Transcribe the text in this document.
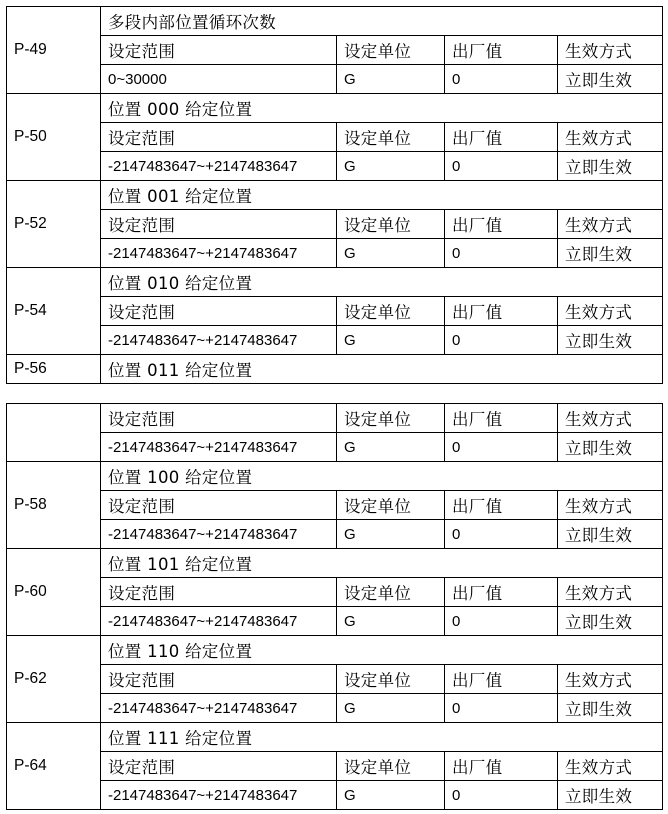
P-49	多段内部位置循环次数			
	设定范围	设定单位	出厂值	生效方式
	0~30000	G	0	立即生效
P-50	位置 000 给定位置			
	设定范围	设定单位	出厂值	生效方式
	-2147483647~+2147483647	G	0	立即生效
P-52	位置 001 给定位置			
	设定范围	设定单位	出厂值	生效方式
	-2147483647~+2147483647	G	0	立即生效
P-54	位置 010 给定位置			
	设定范围	设定单位	出厂值	生效方式
	-2147483647~+2147483647	G	0	立即生效
P-56	位置 011 给定位置			
	设定范围	设定单位	出厂值	生效方式
	-2147483647~+2147483647	G	0	立即生效
P-58	位置 100 给定位置			
	设定范围	设定单位	出厂值	生效方式
	-2147483647~+2147483647	G	0	立即生效
P-60	位置 101 给定位置			
	设定范围	设定单位	出厂值	生效方式
	-2147483647~+2147483647	G	0	立即生效
P-62	位置 110 给定位置			
	设定范围	设定单位	出厂值	生效方式
	-2147483647~+2147483647	G	0	立即生效
P-64	位置 111 给定位置			
	设定范围	设定单位	出厂值	生效方式
	-2147483647~+2147483647	G	0	立即生效
